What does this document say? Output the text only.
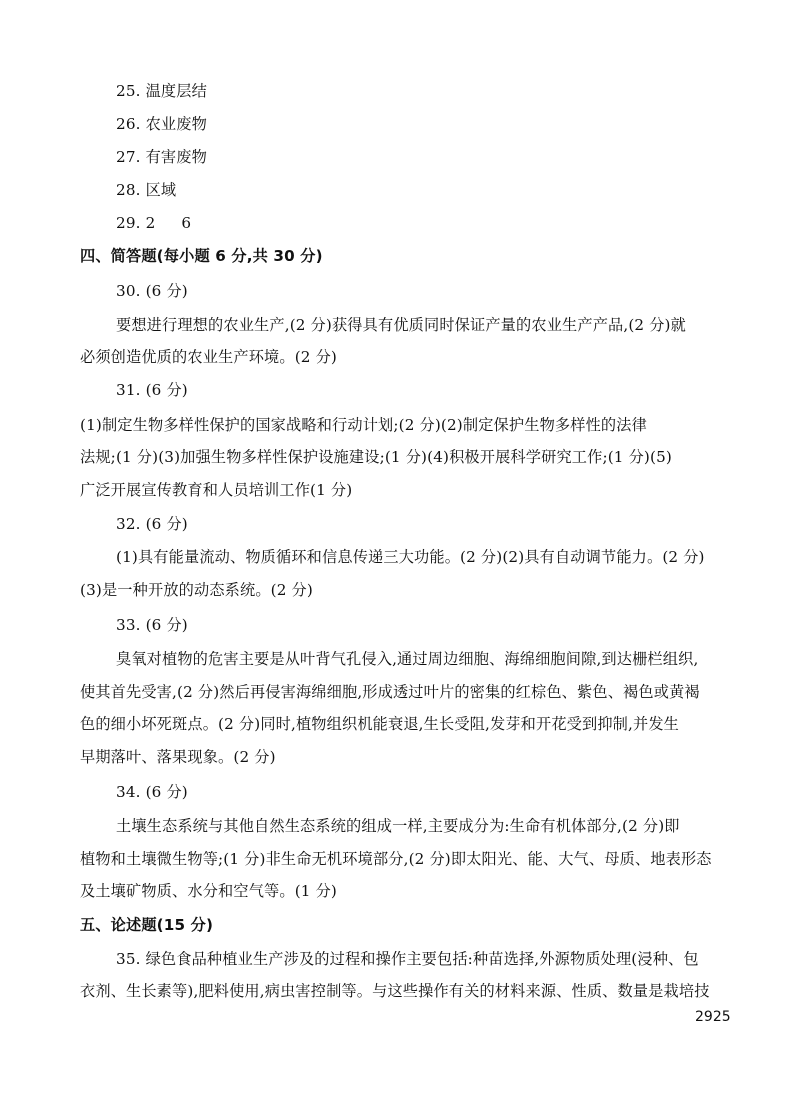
25. 温度层结
26. 农业废物
27. 有害废物
28. 区域
29. 2 6
四、简答题(每小题 6 分,共 30 分)
30. (6 分)
要想进行理想的农业生产,(2 分)获得具有优质同时保证产量的农业生产产品,(2 分)就
必须创造优质的农业生产环境。(2 分)
31. (6 分)
(1)制定生物多样性保护的国家战略和行动计划;(2 分)(2)制定保护生物多样性的法律
法规;(1 分)(3)加强生物多样性保护设施建设;(1 分)(4)积极开展科学研究工作;(1 分)(5)
广泛开展宣传教育和人员培训工作(1 分)
32. (6 分)
(1)具有能量流动、物质循环和信息传递三大功能。(2 分)(2)具有自动调节能力。(2 分)
(3)是一种开放的动态系统。(2 分)
33. (6 分)
臭氧对植物的危害主要是从叶背气孔侵入,通过周边细胞、海绵细胞间隙,到达栅栏组织,
使其首先受害,(2 分)然后再侵害海绵细胞,形成透过叶片的密集的红棕色、紫色、褐色或黄褐
色的细小坏死斑点。(2 分)同时,植物组织机能衰退,生长受阻,发芽和开花受到抑制,并发生
早期落叶、落果现象。(2 分)
34. (6 分)
土壤生态系统与其他自然生态系统的组成一样,主要成分为:生命有机体部分,(2 分)即
植物和土壤微生物等;(1 分)非生命无机环境部分,(2 分)即太阳光、能、大气、母质、地表形态
及土壤矿物质、水分和空气等。(1 分)
五、论述题(15 分)
35. 绿色食品种植业生产涉及的过程和操作主要包括:种苗选择,外源物质处理(浸种、包
衣剂、生长素等),肥料使用,病虫害控制等。与这些操作有关的材料来源、性质、数量是栽培技
2925
